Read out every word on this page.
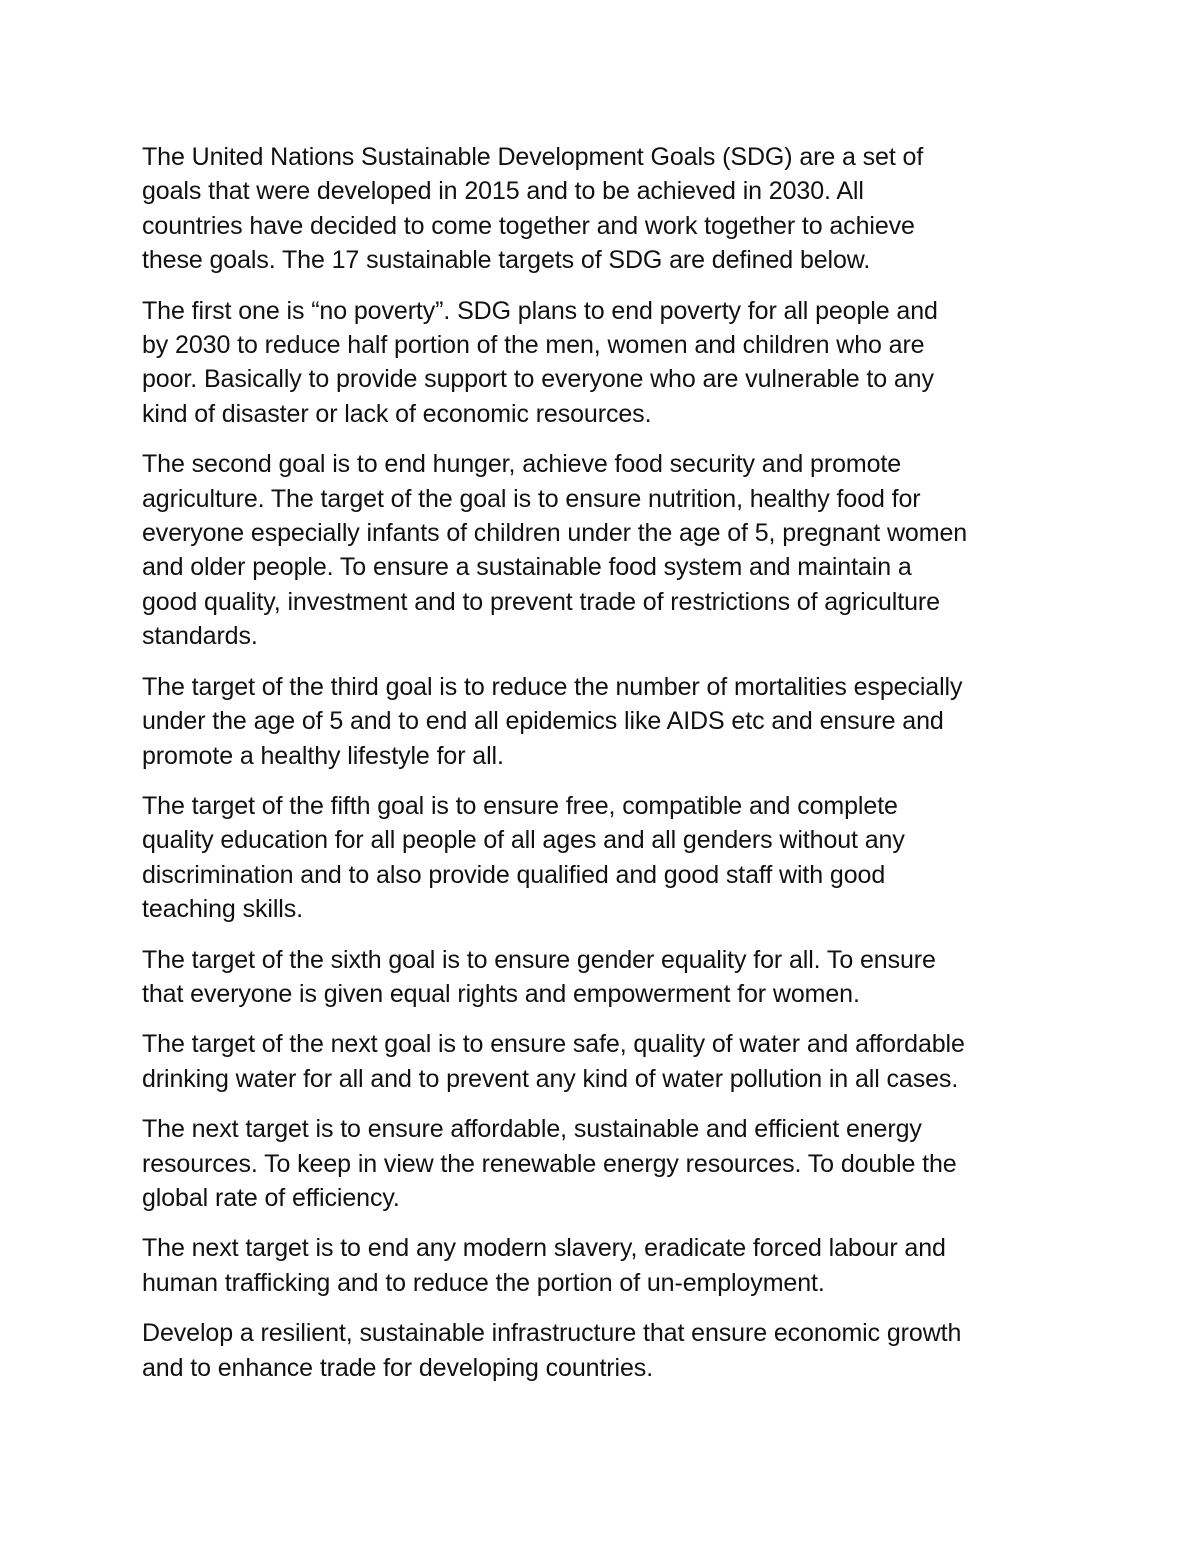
The United Nations Sustainable Development Goals (SDG) are a set of
goals that were developed in 2015 and to be achieved in 2030. All
countries have decided to come together and work together to achieve
these goals. The 17 sustainable targets of SDG are defined below.

The first one is “no poverty”. SDG plans to end poverty for all people and
by 2030 to reduce half portion of the men, women and children who are
poor. Basically to provide support to everyone who are vulnerable to any
kind of disaster or lack of economic resources.

The second goal is to end hunger, achieve food security and promote
agriculture. The target of the goal is to ensure nutrition, healthy food for
everyone especially infants of children under the age of 5, pregnant women
and older people. To ensure a sustainable food system and maintain a
good quality, investment and to prevent trade of restrictions of agriculture
standards.

The target of the third goal is to reduce the number of mortalities especially
under the age of 5 and to end all epidemics like AIDS etc and ensure and
promote a healthy lifestyle for all.

The target of the fifth goal is to ensure free, compatible and complete
quality education for all people of all ages and all genders without any
discrimination and to also provide qualified and good staff with good
teaching skills.

The target of the sixth goal is to ensure gender equality for all. To ensure
that everyone is given equal rights and empowerment for women.

The target of the next goal is to ensure safe, quality of water and affordable
drinking water for all and to prevent any kind of water pollution in all cases.

The next target is to ensure affordable, sustainable and efficient energy
resources. To keep in view the renewable energy resources. To double the
global rate of efficiency.

The next target is to end any modern slavery, eradicate forced labour and
human trafficking and to reduce the portion of un-employment.

Develop a resilient, sustainable infrastructure that ensure economic growth
and to enhance trade for developing countries.
